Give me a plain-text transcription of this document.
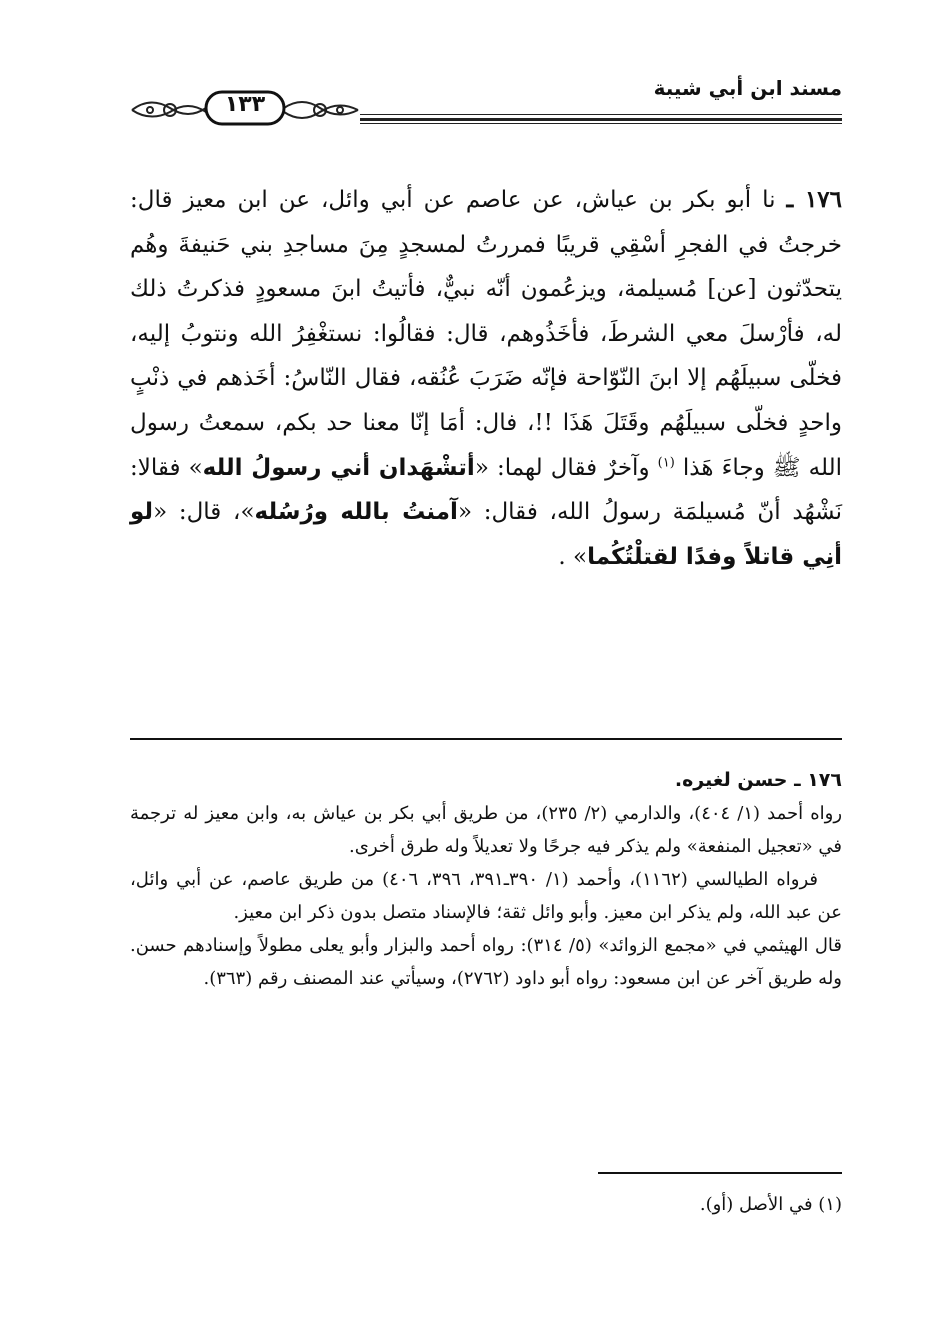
مسند ابن أبي شيبة
١٣٣

١٧٦ ـ نا أبو بكر بن عياش، عن عاصم عن أبي وائل، عن ابن معيز قال: خرجتُ في الفجرِ أسْقِي قريبًا فمررتُ لمسجدٍ مِنَ مساجدِ بني حَنيفةَ وهُم يتحدّثون [عن] مُسيلمة، ويزعُمون أنّه نبيٌّ، فأتيتُ ابنَ مسعودٍ فذكرتُ ذلك له، فأرْسلَ معي الشرطَ، فأخَذُوهم، قال: فقالُوا: نستغْفِرُ الله ونتوبُ إليه، فخلّى سبيلَهُم إلا ابنَ النّوّاحة فإنّه ضَرَبَ عُنُقه، فقال النّاسُ: أخَذهم في ذنْبٍ واحدٍ فخلّى سبيلَهُم وقَتَلَ هَذَا !!، فال: أمَا إنّا معنا حد بكم، سمعتُ رسول الله ﷺ وجاءَ هَذا $^{(١)}$ وآخرٌ فقال لهما: «أتشْهَدان أني رسولُ الله» فقالا: نَشْهُد أنّ مُسيلمَة رسولُ الله، فقال: «آمنتُ بالله ورُسُله»، قال: «لو أنِي قاتلاً وفدًا لقتلْتُكُما» .

١٧٦ ـ حسن لغيره.

رواه أحمد (١/ ٤٠٤)، والدارمي (٢/ ٢٣٥)، من طريق أبي بكر بن عياش به، وابن معيز له ترجمة في «تعجيل المنفعة» ولم يذكر فيه جرحًا ولا تعديلاً وله طرق أخرى.

فرواه الطيالسي (١١٦٢)، وأحمد (١/ ٣٩٠ـ٣٩١، ٣٩٦، ٤٠٦) من طريق عاصم، عن أبي وائل، عن عبد الله، ولم يذكر ابن معيز. وأبو وائل ثقة؛ فالإسناد متصل بدون ذكر ابن معيز.

قال الهيثمي في «مجمع الزوائد» (٥/ ٣١٤): رواه أحمد والبزار وأبو يعلى مطولاً وإسنادهم حسن. وله طريق آخر عن ابن مسعود: رواه أبو داود (٢٧٦٢)، وسيأتي عند المصنف رقم (٣٦٣).

(١) في الأصل (أو).
